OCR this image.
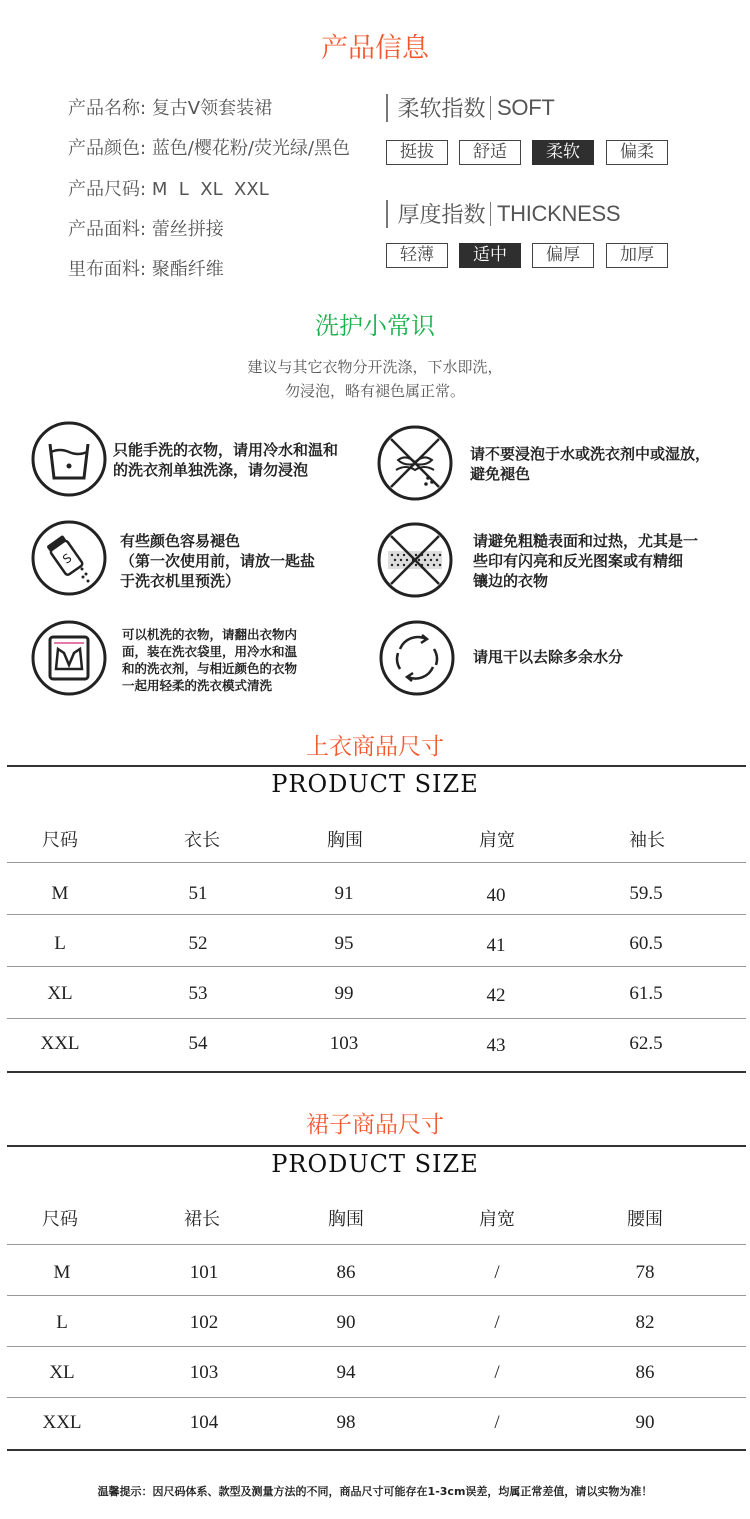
产品信息
产品名称: 复古V领套装裙
产品颜色: 蓝色/樱花粉/荧光绿/黑色
产品尺码: M  L  XL  XXL
产品面料: 蕾丝拼接
里布面料: 聚酯纤维
柔软指数 SOFT
挺拔	舒适	柔软	偏柔
厚度指数 THICKNESS
轻薄	适中	偏厚	加厚
洗护小常识
建议与其它衣物分开洗涤，下水即洗，
勿浸泡，略有褪色属正常。
只能手洗的衣物，请用冷水和温和
的洗衣剂单独洗涤，请勿浸泡
请不要浸泡于水或洗衣剂中或湿放，
避免褪色
S
有些颜色容易褪色
（第一次使用前，请放一匙盐
于洗衣机里预洗）
请避免粗糙表面和过热，尤其是一
些印有闪亮和反光图案或有精细
镶边的衣物
可以机洗的衣物，请翻出衣物内
面，装在洗衣袋里，用冷水和温
和的洗衣剂，与相近颜色的衣物
一起用轻柔的洗衣模式清洗
请甩干以去除多余水分
上衣商品尺寸
PRODUCT SIZE
尺码	衣长	胸围	肩宽	袖长
M	51	91	40	59.5
L	52	95	41	60.5
XL	53	99	42	61.5
XXL	54	103	43	62.5
裙子商品尺寸
PRODUCT SIZE
尺码	裙长	胸围	肩宽	腰围
M	101	86	/	78
L	102	90	/	82
XL	103	94	/	86
XXL	104	98	/	90
温馨提示：因尺码体系、款型及测量方法的不同，商品尺寸可能存在1-3cm误差，均属正常差值，请以实物为准！
